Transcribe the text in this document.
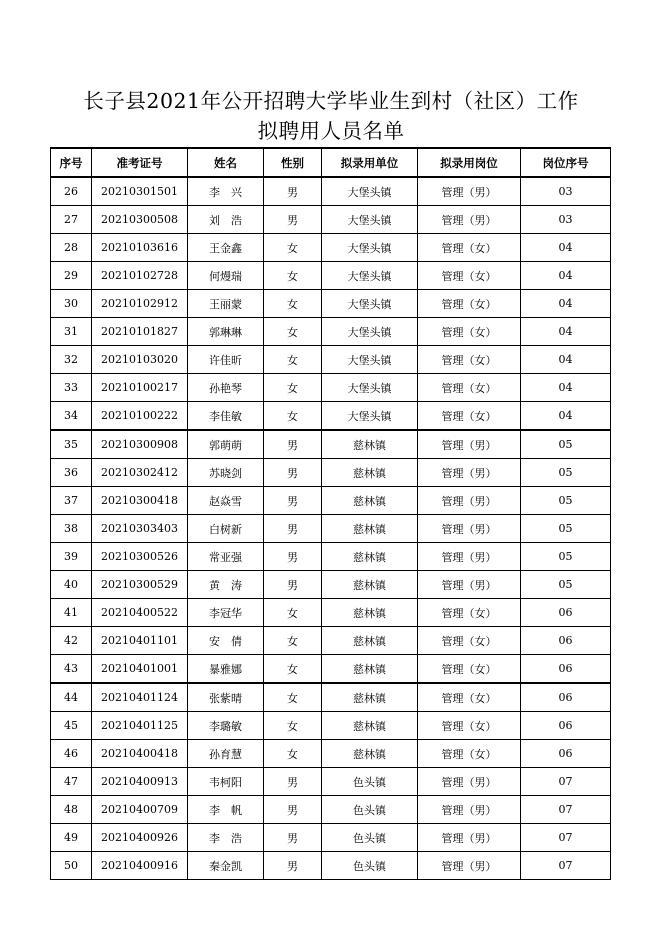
长子县2021年公开招聘大学毕业生到村（社区）工作
拟聘用人员名单
序号	准考证号	姓名	性别	拟录用单位	拟录用岗位	岗位序号
26	20210301501	李　兴	男	大堡头镇	管理（男）	03
27	20210300508	刘　浩	男	大堡头镇	管理（男）	03
28	20210103616	王金鑫	女	大堡头镇	管理（女）	04
29	20210102728	何熳瑞	女	大堡头镇	管理（女）	04
30	20210102912	王丽蒙	女	大堡头镇	管理（女）	04
31	20210101827	郭琳琳	女	大堡头镇	管理（女）	04
32	20210103020	许佳昕	女	大堡头镇	管理（女）	04
33	20210100217	孙艳琴	女	大堡头镇	管理（女）	04
34	20210100222	李佳敏	女	大堡头镇	管理（女）	04
35	20210300908	郭萌萌	男	慈林镇	管理（男）	05
36	20210302412	苏晓剑	男	慈林镇	管理（男）	05
37	20210300418	赵焱雪	男	慈林镇	管理（男）	05
38	20210303403	白树新	男	慈林镇	管理（男）	05
39	20210300526	常亚强	男	慈林镇	管理（男）	05
40	20210300529	黄　涛	男	慈林镇	管理（男）	05
41	20210400522	李冠华	女	慈林镇	管理（女）	06
42	20210401101	安　倩	女	慈林镇	管理（女）	06
43	20210401001	暴雅娜	女	慈林镇	管理（女）	06
44	20210401124	张紫晴	女	慈林镇	管理（女）	06
45	20210401125	李璐敏	女	慈林镇	管理（女）	06
46	20210400418	孙育慧	女	慈林镇	管理（女）	06
47	20210400913	韦柯阳	男	色头镇	管理（男）	07
48	20210400709	李　帆	男	色头镇	管理（男）	07
49	20210400926	李　浩	男	色头镇	管理（男）	07
50	20210400916	秦金凯	男	色头镇	管理（男）	07
